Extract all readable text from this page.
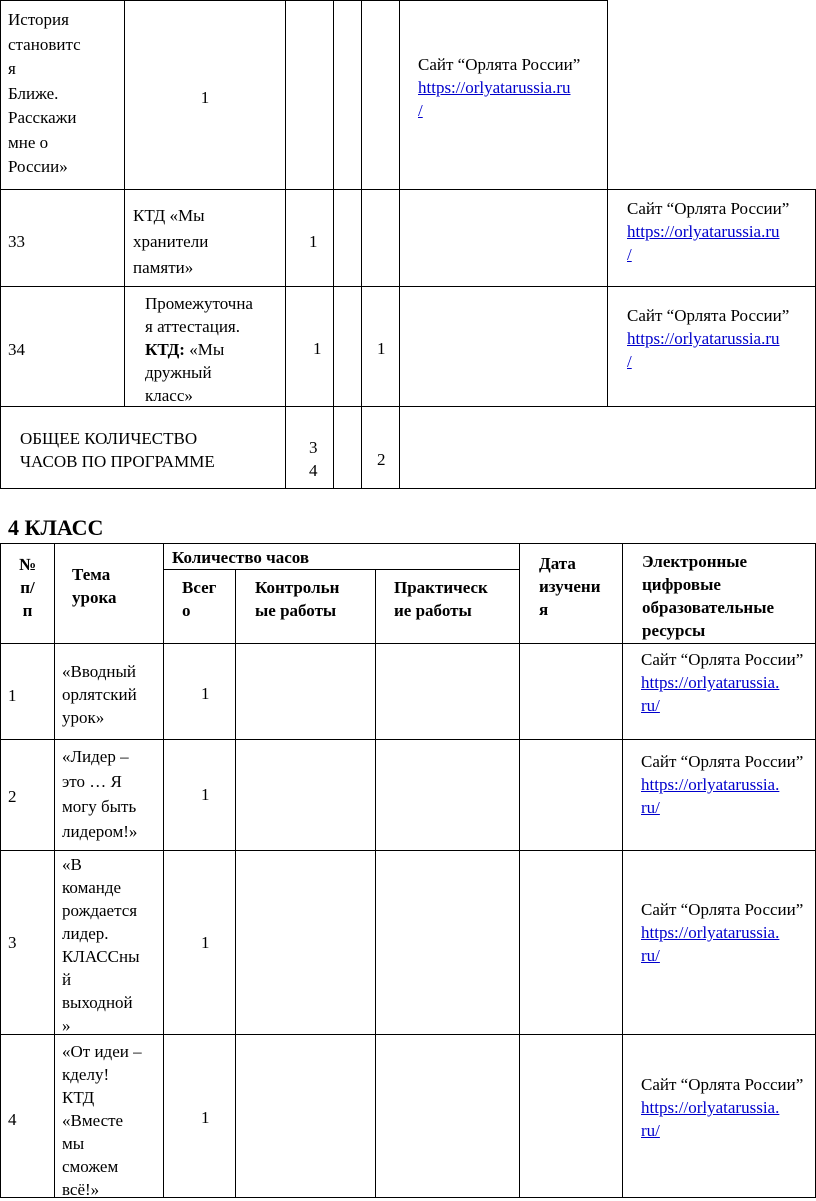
История
становитс
я
Ближе.
Расскажи
мне о
России»
1
Сайт “Орлята России”
https://orlyatarussia.ru
/
33
КТД «Мы
хранители
памяти»
1
Сайт “Орлята России”
https://orlyatarussia.ru
/
34
Промежуточна
я аттестация.
КТД: «Мы
дружный
класс»
1	1
Сайт “Орлята России”
https://orlyatarussia.ru
/
ОБЩЕЕ КОЛИЧЕСТВО
ЧАСОВ ПО ПРОГРАММЕ
3
4
2
4 КЛАСС
№
п/
п
Тема
урока
Количество часов
Всег
о
Контрольн
ые работы
Практическ
ие работы
Дата
изучени
я
Электронные
цифровые
образовательные
ресурсы
1
«Вводный
орлятский
урок»
1
Сайт “Орлята России”
https://orlyatarussia.
ru/
2
«Лидер –
это … Я
могу быть
лидером!»
1
Сайт “Орлята России”
https://orlyatarussia.
ru/
3
«В
команде
рождается
лидер.
КЛАССны
й
выходной
»
1
Сайт “Орлята России”
https://orlyatarussia.
ru/
4
«От идеи –
кделу!
КТД
«Вместе
мы
сможем
всё!»
1
Сайт “Орлята России”
https://orlyatarussia.
ru/
